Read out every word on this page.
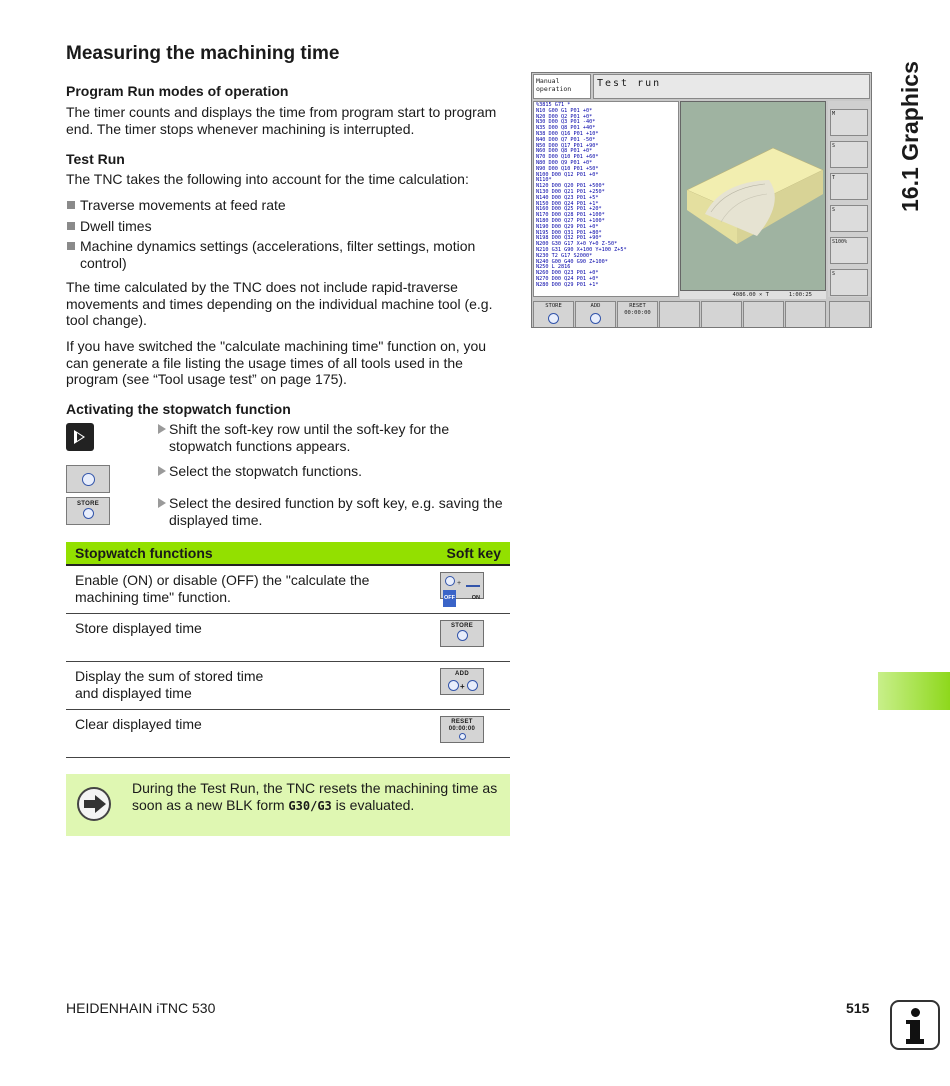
Measuring the machining time
Program Run modes of operation
The timer counts and displays the time from program start to program end. The timer stops whenever machining is interrupted.
Test Run
The TNC takes the following into account for the time calculation:
Traverse movements at feed rate
Dwell times
Machine dynamics settings (accelerations, filter settings, motion control)
The time calculated by the TNC does not include rapid-traverse movements and times depending on the individual machine tool (e.g. tool change).
If you have switched the "calculate machining time" function on, you can generate a file listing the usage times of all tools used in the program (see “Tool usage test” on page 175).
Activating the stopwatch function
Shift the soft-key row until the soft-key for the stopwatch functions appears.
Select the stopwatch functions.
STORE	Select the desired function by soft key, e.g. saving the displayed time.
Stopwatch functions	Soft key

Enable (ON) or disable (OFF) the "calculate the machining time" function.	+
OFF ON

Store displayed time	STORE

Display the sum of stored time and displayed time	ADD
+

Clear displayed time	RESET
00:00:00
During the Test Run, the TNC resets the machining time as soon as a new BLK form G30/G3 is evaluated.
Manual
operation	Test run
%3815 G71 *
N10 G00 G1 P01 +0*
N20 D00 Q2 P01 +0*
N30 D00 Q3 P01 -40*
N35 D00 Q8 P01 +40*
N38 D00 Q16 P01 +10*
N40 D00 Q7 P01 -50*
N50 D00 Q17 P01 +90*
N60 D00 Q8 P01 +0*
N70 D00 Q10 P01 +60*
N80 D00 Q9 P01 +0*
N90 D00 Q10 P01 +50*
N100 D00 Q12 P01 +0*
N110*
N120 D00 Q20 P01 +500*
N130 D00 Q21 P01 +250*
N140 D00 Q23 P01 +5*
N150 D00 Q24 P01 +1*
N160 D00 Q25 P01 +20*
N170 D00 Q28 P01 +100*
N180 D00 Q27 P01 +100*
N190 D00 Q29 P01 +0*
N195 D00 Q31 P01 +80*
N198 D00 Q32 P01 +90*
N200 G30 G17 X+0 Y+0 Z-50*
N210 G31 G90 X+100 Y+100 Z+5*
N230 T2 G17 S2000*
N240 G00 G40 G90 Z+100*
N250 L 2816
N260 D00 Q23 P01 +0*
N270 D00 Q24 P01 +0*
N280 D00 Q29 P01 +1*
4086.00 × T	1:00:25
M
S
T
S
S100%
S
STORE	ADD	RESET
00:00:00
16.1 Graphics
HEIDENHAIN iTNC 530	515
